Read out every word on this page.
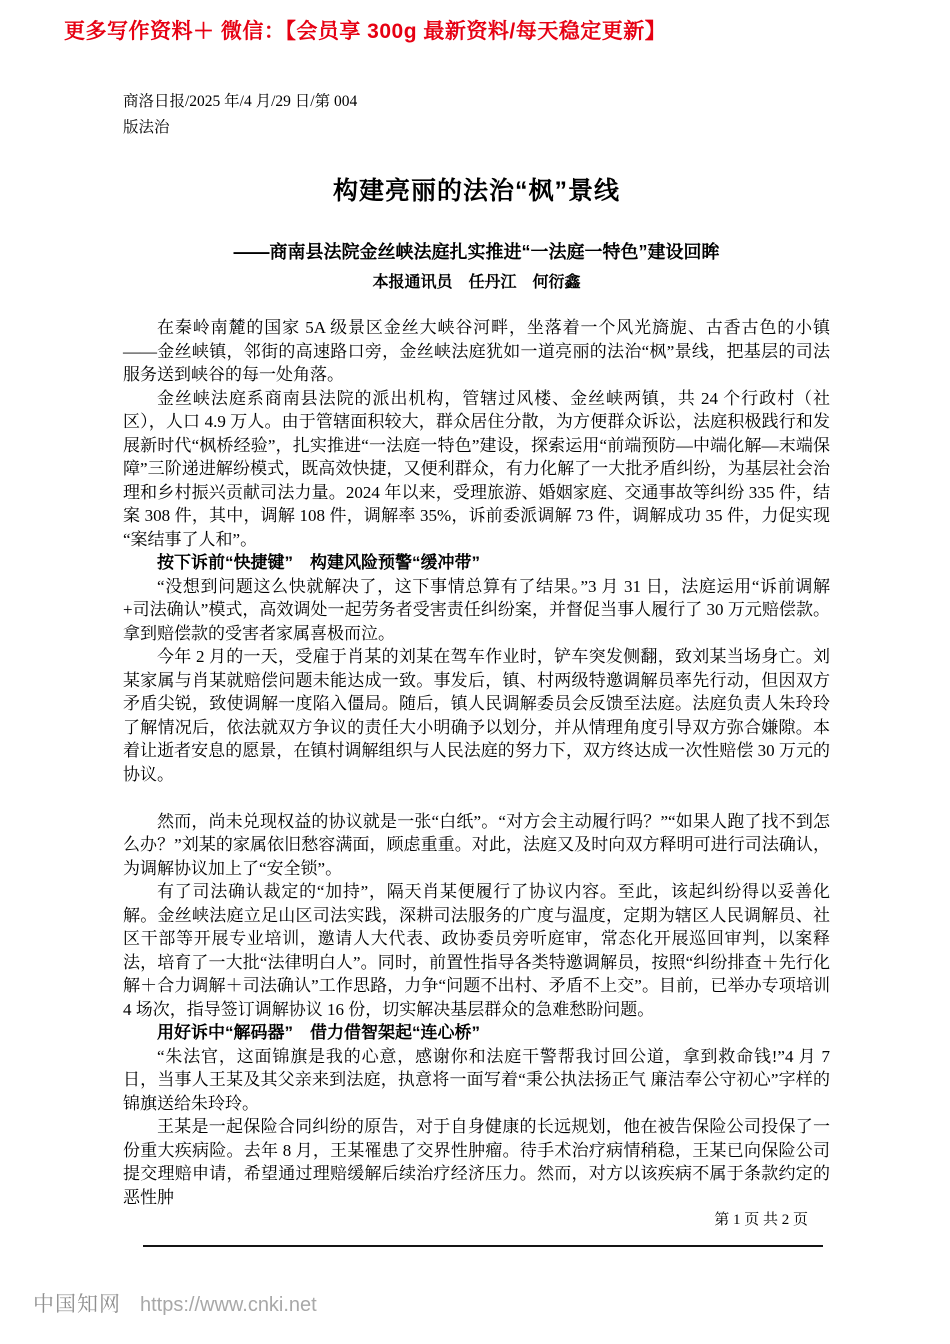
更多写作资料＋ 微信：【会员享 300g 最新资料/每天稳定更新】
商洛日报/2025 年/4 月/29 日/第 004
版法治
构建亮丽的法治“枫”景线
——商南县法院金丝峡法庭扎实推进“一法庭一特色”建设回眸
本报通讯员　任丹江　何衍鑫

在秦岭南麓的国家 5A 级景区金丝大峡谷河畔，坐落着一个风光旖旎、古香古色的小镇——金丝峡镇，邻街的高速路口旁，金丝峡法庭犹如一道亮丽的法治“枫”景线，把基层的司法服务送到峡谷的每一处角落。

金丝峡法庭系商南县法院的派出机构，管辖过风楼、金丝峡两镇，共 24 个行政村（社区），人口 4.9 万人。由于管辖面积较大，群众居住分散，为方便群众诉讼，法庭积极践行和发展新时代“枫桥经验”，扎实推进“一法庭一特色”建设，探索运用“前端预防—中端化解—末端保障”三阶递进解纷模式，既高效快捷，又便利群众，有力化解了一大批矛盾纠纷，为基层社会治理和乡村振兴贡献司法力量。2024 年以来，受理旅游、婚姻家庭、交通事故等纠纷 335 件，结案 308 件，其中，调解 108 件，调解率 35%，诉前委派调解 73 件，调解成功 35 件，力促实现“案结事了人和”。

按下诉前“快捷键”　构建风险预警“缓冲带”

“没想到问题这么快就解决了，这下事情总算有了结果。”3 月 31 日，法庭运用“诉前调解+司法确认”模式，高效调处一起劳务者受害责任纠纷案，并督促当事人履行了 30 万元赔偿款。拿到赔偿款的受害者家属喜极而泣。

今年 2 月的一天，受雇于肖某的刘某在驾车作业时，铲车突发侧翻，致刘某当场身亡。刘某家属与肖某就赔偿问题未能达成一致。事发后，镇、村两级特邀调解员率先行动，但因双方矛盾尖锐，致使调解一度陷入僵局。随后，镇人民调解委员会反馈至法庭。法庭负责人朱玲玲了解情况后，依法就双方争议的责任大小明确予以划分，并从情理角度引导双方弥合嫌隙。本着让逝者安息的愿景，在镇村调解组织与人民法庭的努力下，双方终达成一次性赔偿 30 万元的协议。

然而，尚未兑现权益的协议就是一张“白纸”。“对方会主动履行吗？”“如果人跑了找不到怎么办？”刘某的家属依旧愁容满面，顾虑重重。对此，法庭又及时向双方释明可进行司法确认，为调解协议加上了“安全锁”。

有了司法确认裁定的“加持”，隔天肖某便履行了协议内容。至此，该起纠纷得以妥善化解。金丝峡法庭立足山区司法实践，深耕司法服务的广度与温度，定期为辖区人民调解员、社区干部等开展专业培训，邀请人大代表、政协委员旁听庭审，常态化开展巡回审判，以案释法，培育了一大批“法律明白人”。同时，前置性指导各类特邀调解员，按照“纠纷排查＋先行化解＋合力调解＋司法确认”工作思路，力争“问题不出村、矛盾不上交”。目前，已举办专项培训 4 场次，指导签订调解协议 16 份，切实解决基层群众的急难愁盼问题。

用好诉中“解码器”　借力借智架起“连心桥”

“朱法官，这面锦旗是我的心意，感谢你和法庭干警帮我讨回公道，拿到救命钱!”4 月 7 日，当事人王某及其父亲来到法庭，执意将一面写着“秉公执法扬正气 廉洁奉公守初心”字样的锦旗送给朱玲玲。

王某是一起保险合同纠纷的原告，对于自身健康的长远规划，他在被告保险公司投保了一份重大疾病险。去年 8 月，王某罹患了交界性肿瘤。待手术治疗病情稍稳，王某已向保险公司提交理赔申请，希望通过理赔缓解后续治疗经济压力。然而，对方以该疾病不属于条款约定的恶性肿

第 1 页 共 2 页

中国知网 https://www.cnki.net
